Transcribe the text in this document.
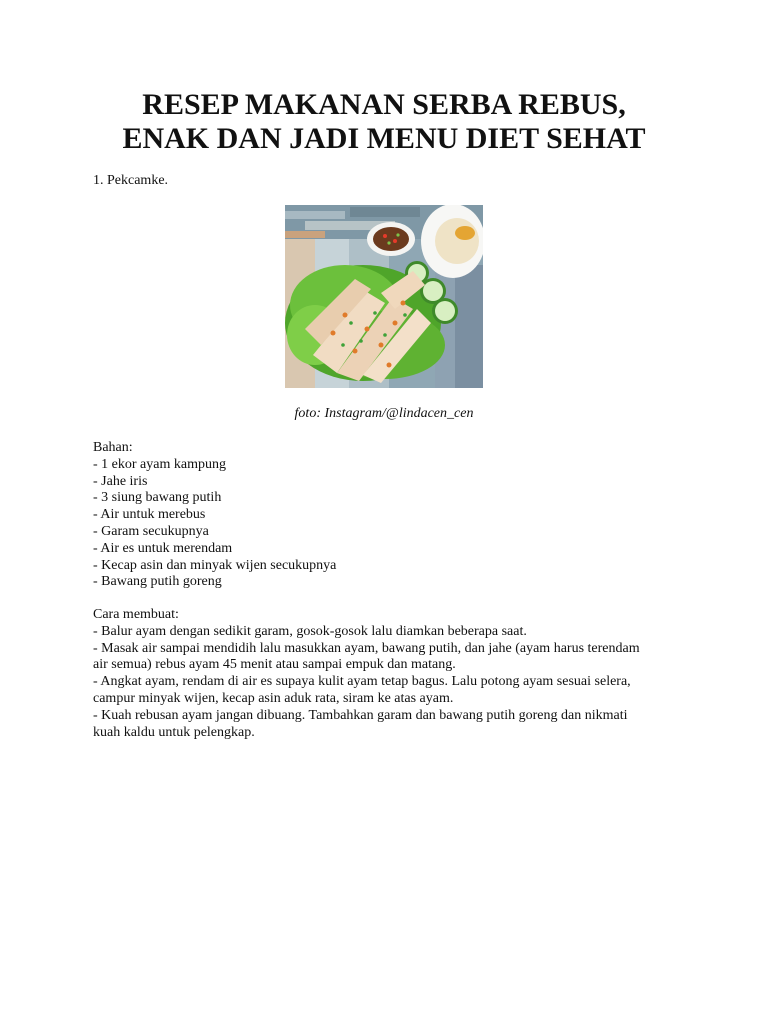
RESEP MAKANAN SERBA REBUS,
ENAK DAN JADI MENU DIET SEHAT

1. Pekcamke.

foto: Instagram/@lindacen_cen

Bahan:
- 1 ekor ayam kampung
- Jahe iris
- 3 siung bawang putih
- Air untuk merebus
- Garam secukupnya
- Air es untuk merendam
- Kecap asin dan minyak wijen secukupnya
- Bawang putih goreng
Cara membuat:
- Balur ayam dengan sedikit garam, gosok-gosok lalu diamkan beberapa saat.
- Masak air sampai mendidih lalu masukkan ayam, bawang putih, dan jahe (ayam harus terendam air semua) rebus ayam 45 menit atau sampai empuk dan matang.
- Angkat ayam, rendam di air es supaya kulit ayam tetap bagus. Lalu potong ayam sesuai selera, campur minyak wijen, kecap asin aduk rata, siram ke atas ayam.
- Kuah rebusan ayam jangan dibuang. Tambahkan garam dan bawang putih goreng dan nikmati kuah kaldu untuk pelengkap.
